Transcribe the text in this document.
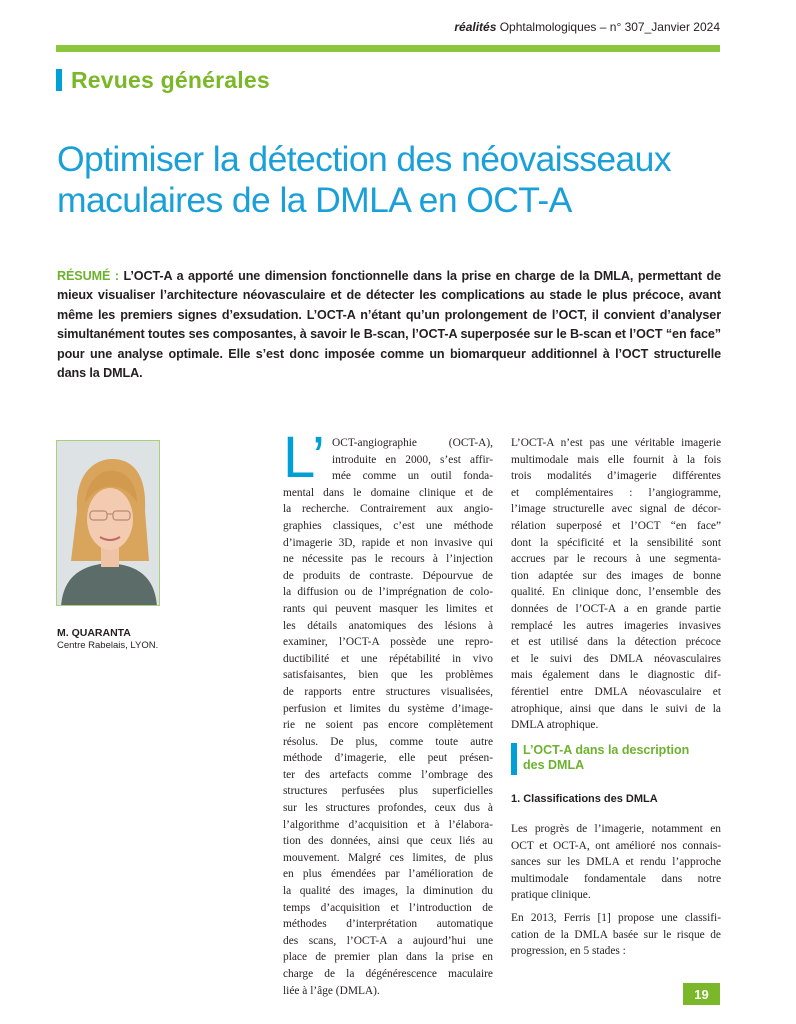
réalités Ophtalmologiques – n° 307_Janvier 2024
Revues générales
Optimiser la détection des néovaisseaux
maculaires de la DMLA en OCT-A
RÉSUMÉ : L’OCT-A a apporté une dimension fonctionnelle dans la prise en charge de la DMLA, permettant de mieux visualiser l’architecture néovasculaire et de détecter les complications au stade le plus précoce, avant même les premiers signes d’exsudation. L’OCT-A n’étant qu’un prolongement de l’OCT, il convient d’analyser simultanément toutes ses composantes, à savoir le B-scan, l’OCT-A superposée sur le B-scan et l’OCT “en face” pour une analyse optimale. Elle s’est donc imposée comme un biomarqueur additionnel à l’OCT structurelle dans la DMLA.
M. QUARANTA
Centre Rabelais, LYON.
L’ OCT-angiographie (OCT-A),
introduite en 2000, s’est affir-
mée comme un outil fonda-
mental dans le domaine clinique et de
la recherche. Contrairement aux angio-
graphies classiques, c’est une méthode
d’imagerie 3D, rapide et non invasive qui
ne nécessite pas le recours à l’injection
de produits de contraste. Dépourvue de
la diffusion ou de l’imprégnation de colo-
rants qui peuvent masquer les limites et
les détails anatomiques des lésions à
examiner, l’OCT-A possède une repro-
ductibilité et une répétabilité in vivo
satisfaisantes, bien que les problèmes
de rapports entre structures visualisées,
perfusion et limites du système d’image-
rie ne soient pas encore complètement
résolus. De plus, comme toute autre
méthode d’imagerie, elle peut présen-
ter des artefacts comme l’ombrage des
structures perfusées plus superficielles
sur les structures profondes, ceux dus à
l’algorithme d’acquisition et à l’élabora-
tion des données, ainsi que ceux liés au
mouvement. Malgré ces limites, de plus
en plus émendées par l’amélioration de
la qualité des images, la diminution du
temps d’acquisition et l’introduction de
méthodes d’interprétation automatique
des scans, l’OCT-A a aujourd’hui une
place de premier plan dans la prise en
charge de la dégénérescence maculaire
liée à l’âge (DMLA).
L’OCT-A n’est pas une véritable imagerie
multimodale mais elle fournit à la fois
trois modalités d’imagerie différentes
et complémentaires : l’angiogramme,
l’image structurelle avec signal de décor-
rélation superposé et l’OCT “en face”
dont la spécificité et la sensibilité sont
accrues par le recours à une segmenta-
tion adaptée sur des images de bonne
qualité. En clinique donc, l’ensemble des
données de l’OCT-A a en grande partie
remplacé les autres imageries invasives
et est utilisé dans la détection précoce
et le suivi des DMLA néovasculaires
mais également dans le diagnostic dif-
férentiel entre DMLA néovasculaire et
atrophique, ainsi que dans le suivi de la
DMLA atrophique.
L’OCT-A dans la description
des DMLA
1. Classifications des DMLA
Les progrès de l’imagerie, notamment en
OCT et OCT-A, ont amélioré nos connais-
sances sur les DMLA et rendu l’approche
multimodale fondamentale dans notre
pratique clinique.
En 2013, Ferris [1] propose une classifi-
cation de la DMLA basée sur le risque de
progression, en 5 stades :
19
